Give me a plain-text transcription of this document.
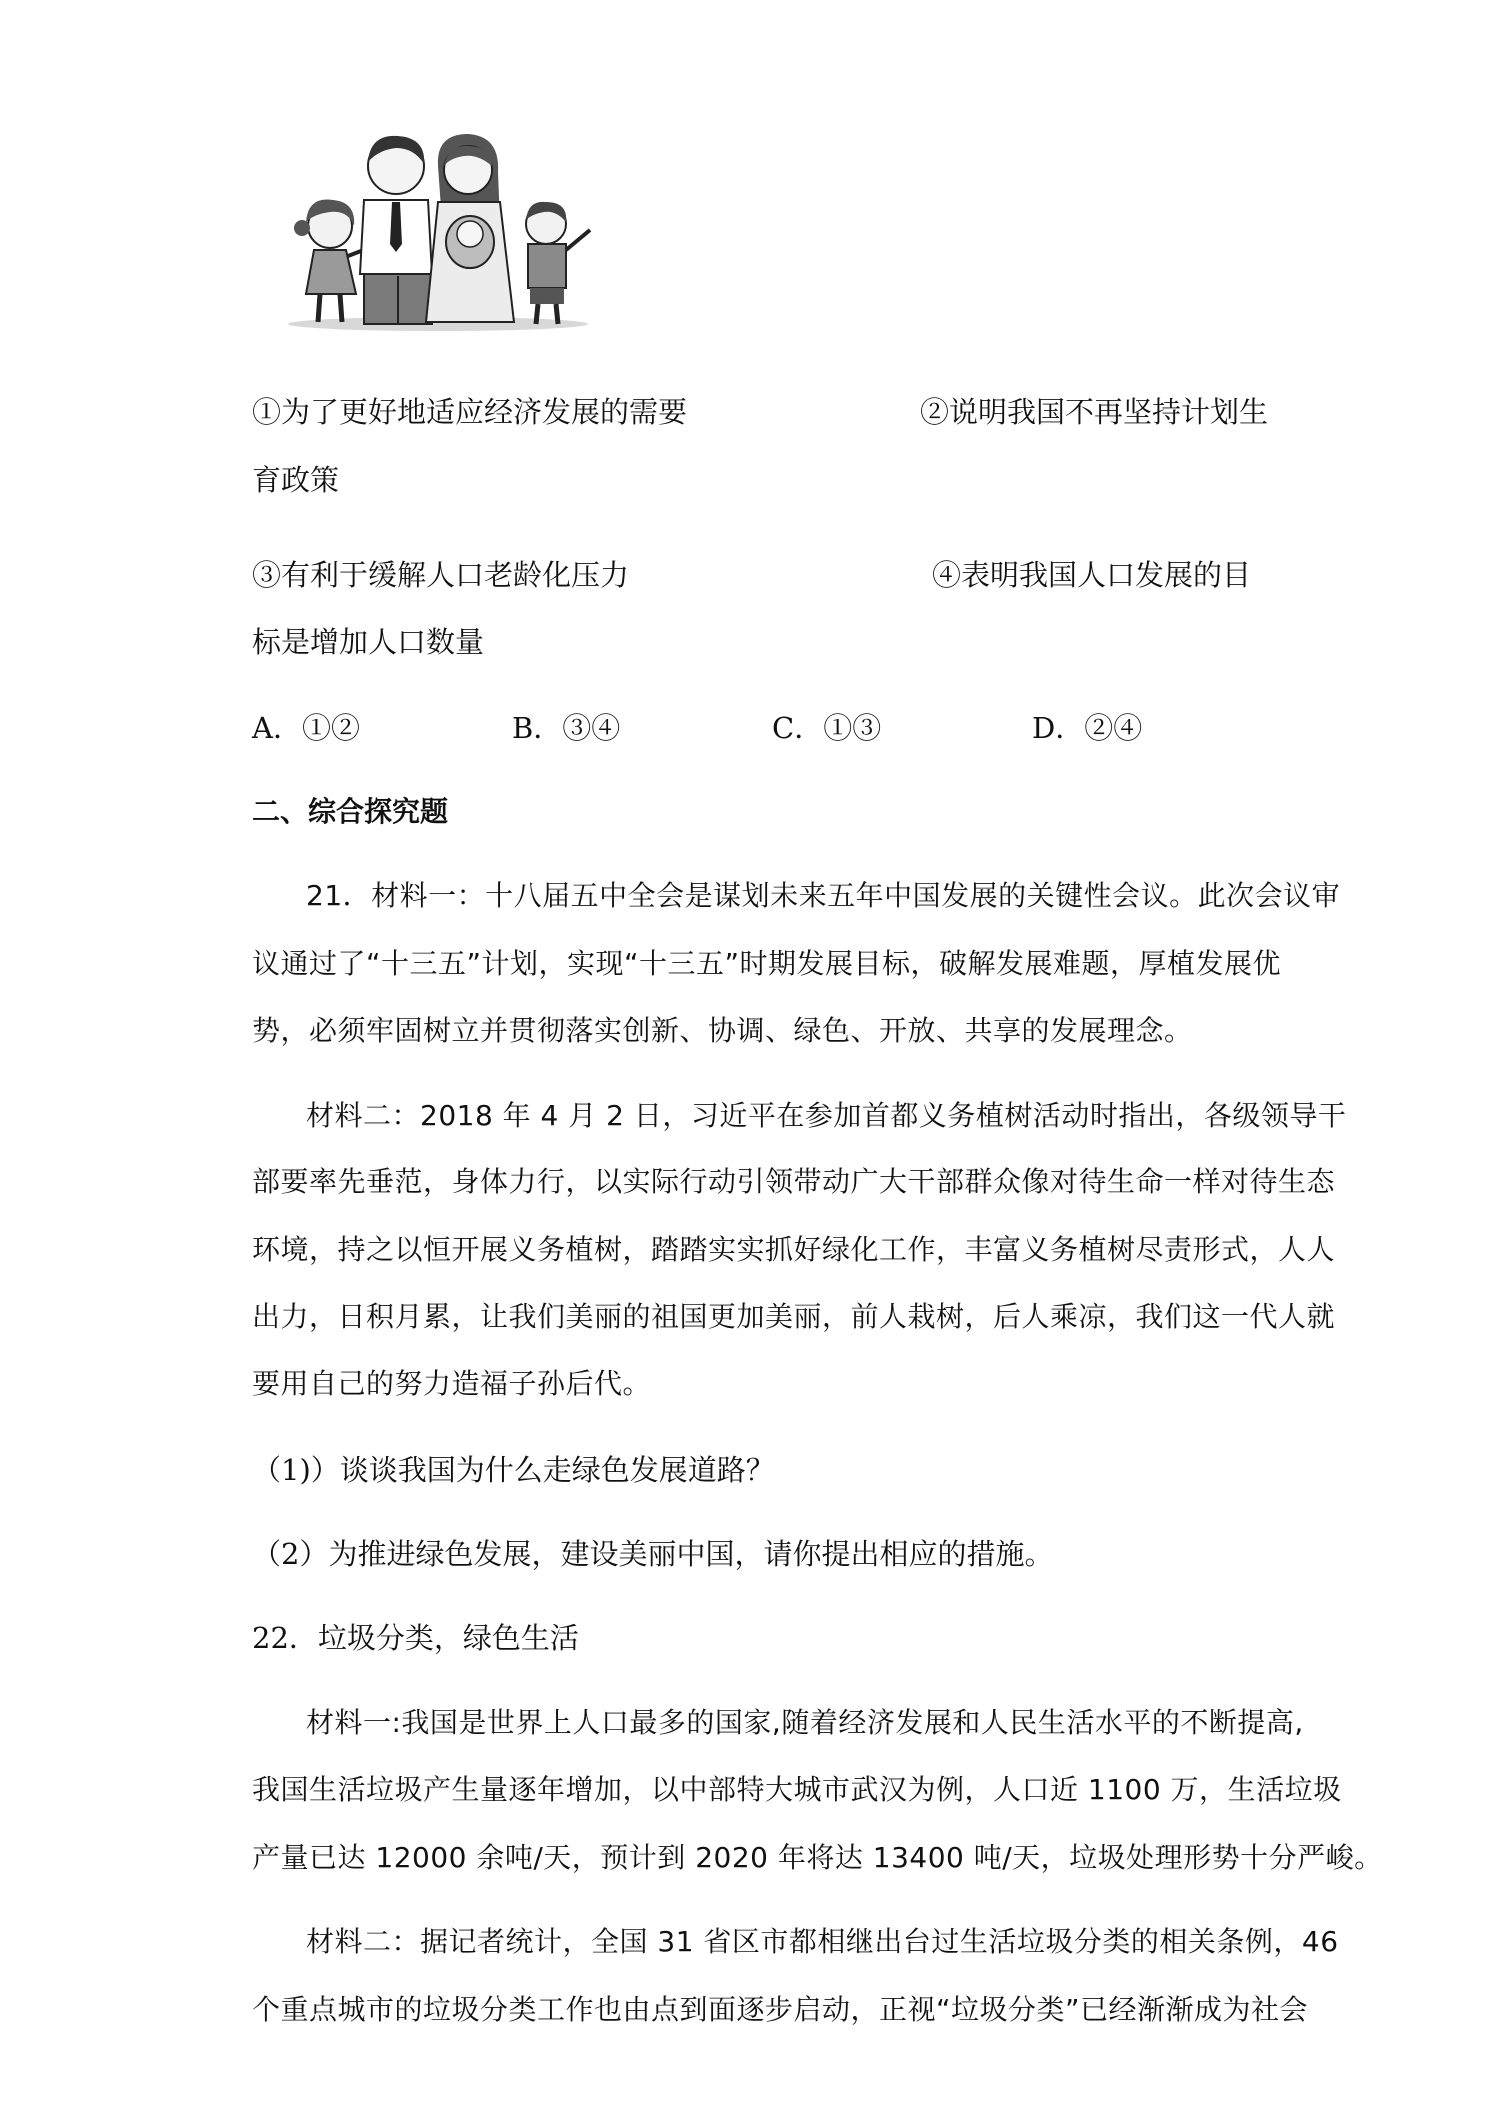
①为了更好地适应经济发展的需要	②说明我国不再坚持计划生
育政策
③有利于缓解人口老龄化压力	④表明我国人口发展的目
标是增加人口数量
A．①②	B．③④	C．①③	D．②④
二、综合探究题
21．材料一：十八届五中全会是谋划未来五年中国发展的关键性会议。此次会议审
议通过了“十三五”计划，实现“十三五”时期发展目标，破解发展难题，厚植发展优
势，必须牢固树立并贯彻落实创新、协调、绿色、开放、共享的发展理念。
材料二：2018 年 4 月 2 日，习近平在参加首都义务植树活动时指出，各级领导干
部要率先垂范，身体力行，以实际行动引领带动广大干部群众像对待生命一样对待生态
环境，持之以恒开展义务植树，踏踏实实抓好绿化工作，丰富义务植树尽责形式，人人
出力，日积月累，让我们美丽的祖国更加美丽，前人栽树，后人乘凉，我们这一代人就
要用自己的努力造福子孙后代。
（1)）谈谈我国为什么走绿色发展道路？
（2）为推进绿色发展，建设美丽中国，请你提出相应的措施。
22．垃圾分类，绿色生活
材料一:我国是世界上人口最多的国家,随着经济发展和人民生活水平的不断提高,
我国生活垃圾产生量逐年增加，以中部特大城市武汉为例，人口近 1100 万，生活垃圾
产量已达 12000 余吨/天，预计到 2020 年将达 13400 吨/天，垃圾处理形势十分严峻。
材料二：据记者统计，全国 31 省区市都相继出台过生活垃圾分类的相关条例，46
个重点城市的垃圾分类工作也由点到面逐步启动，正视“垃圾分类”已经渐渐成为社会
